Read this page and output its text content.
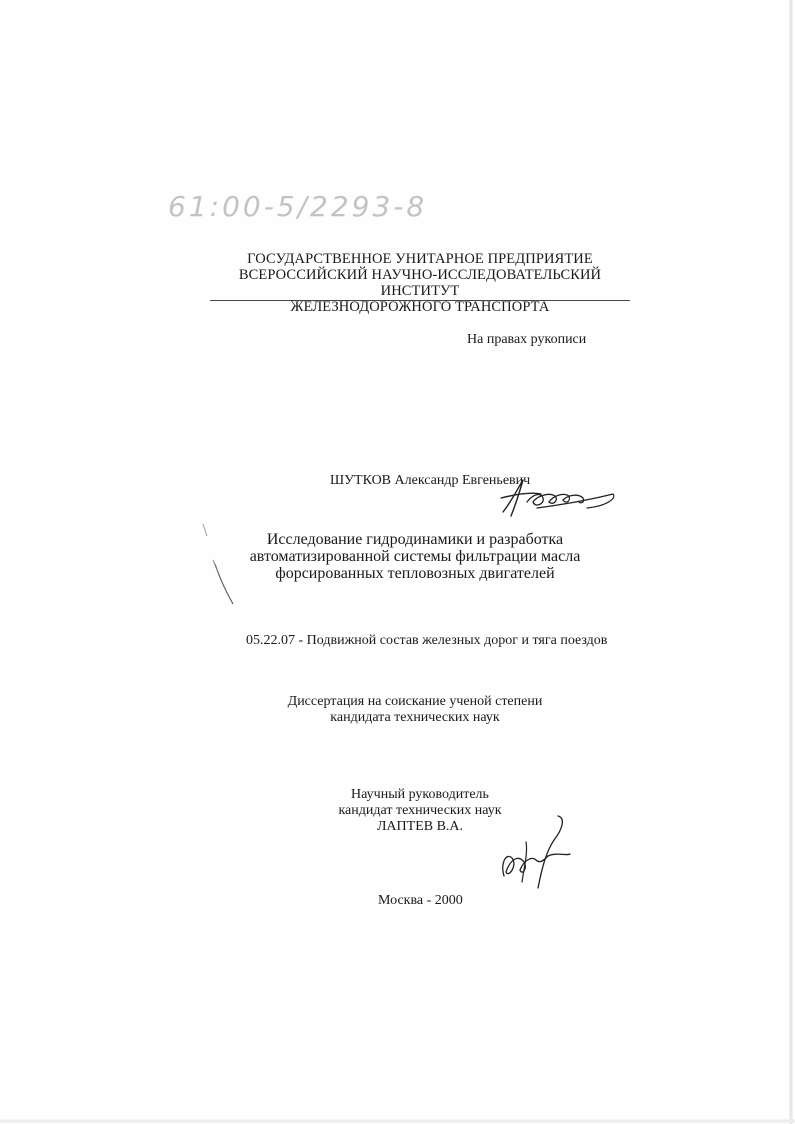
61:00-5/2293-8
ГОСУДАРСТВЕННОЕ УНИТАРНОЕ ПРЕДПРИЯТИЕ
ВСЕРОССИЙСКИЙ НАУЧНО-ИССЛЕДОВАТЕЛЬСКИЙ ИНСТИТУТ
ЖЕЛЕЗНОДОРОЖНОГО ТРАНСПОРТА
На правах рукописи
ШУТКОВ Александр Евгеньевич
Исследование гидродинамики и разработка
автоматизированной системы фильтрации масла
форсированных тепловозных двигателей
05.22.07 - Подвижной состав железных дорог и тяга поездов
Диссертация на соискание ученой степени
кандидата технических наук
Научный руководитель
кандидат технических наук
ЛАПТЕВ В.А.
Москва - 2000
